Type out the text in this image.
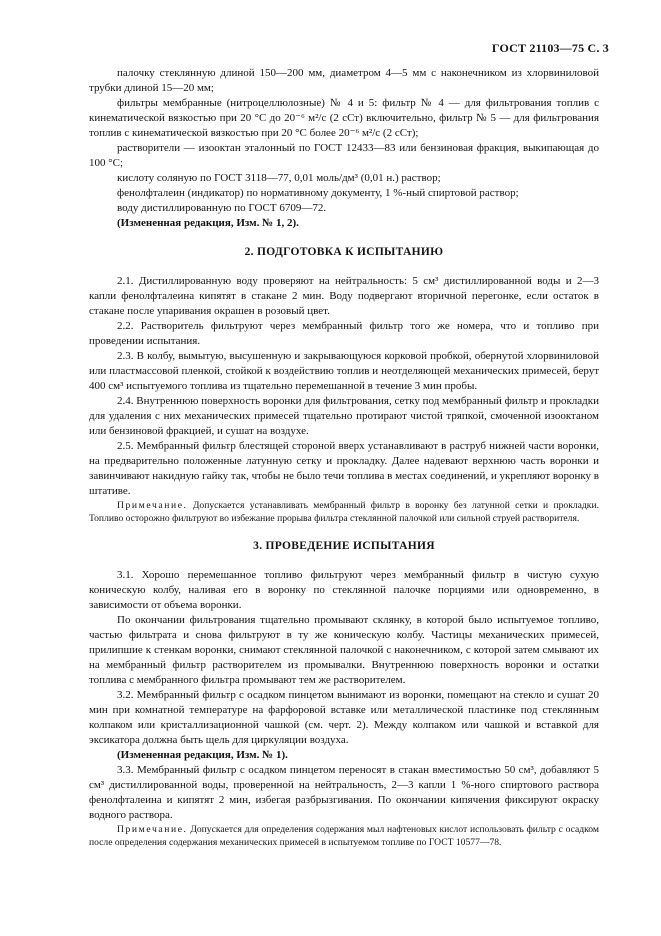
ГОСТ 21103—75 С. 3

палочку стеклянную длиной 150—200 мм, диаметром 4—5 мм с наконечником из хлорвиниловой трубки длиной 15—20 мм;

фильтры мембранные (нитроцеллюлозные) № 4 и 5: фильтр № 4 — для фильтрования топлив с кинематической вязкостью при 20 °С до 20⁻⁶ м²/с (2 сСт) включительно, фильтр № 5 — для фильтрования топлив с кинематической вязкостью при 20 °С более 20⁻⁶ м²/с (2 сСт);

растворители — изооктан эталонный по ГОСТ 12433—83 или бензиновая фракция, выкипающая до 100 °С;

кислоту соляную по ГОСТ 3118—77, 0,01 моль/дм³ (0,01 н.) раствор;

фенолфталеин (индикатор) по нормативному документу, 1 %-ный спиртовой раствор;

воду дистиллированную по ГОСТ 6709—72.

(Измененная редакция, Изм. № 1, 2).

2. ПОДГОТОВКА К ИСПЫТАНИЮ

2.1. Дистиллированную воду проверяют на нейтральность: 5 см³ дистиллированной воды и 2—3 капли фенолфталеина кипятят в стакане 2 мин. Воду подвергают вторичной перегонке, если остаток в стакане после упаривания окрашен в розовый цвет.

2.2. Растворитель фильтруют через мембранный фильтр того же номера, что и топливо при проведении испытания.

2.3. В колбу, вымытую, высушенную и закрывающуюся корковой пробкой, обернутой хлорвиниловой или пластмассовой пленкой, стойкой к воздействию топлив и неотделяющей механических примесей, берут 400 см³ испытуемого топлива из тщательно перемешанной в течение 3 мин пробы.

2.4. Внутреннюю поверхность воронки для фильтрования, сетку под мембранный фильтр и прокладки для удаления с них механических примесей тщательно протирают чистой тряпкой, смоченной изооктаном или бензиновой фракцией, и сушат на воздухе.

2.5. Мембранный фильтр блестящей стороной вверх устанавливают в раструб нижней части воронки, на предварительно положенные латунную сетку и прокладку. Далее надевают верхнюю часть воронки и завинчивают накидную гайку так, чтобы не было течи топлива в местах соединений, и укрепляют воронку в штативе.

Примечание. Допускается устанавливать мембранный фильтр в воронку без латунной сетки и прокладки. Топливо осторожно фильтруют во избежание прорыва фильтра стеклянной палочкой или сильной струей растворителя.

3. ПРОВЕДЕНИЕ ИСПЫТАНИЯ

3.1. Хорошо перемешанное топливо фильтруют через мембранный фильтр в чистую сухую коническую колбу, наливая его в воронку по стеклянной палочке порциями или одновременно, в зависимости от объема воронки.

По окончании фильтрования тщательно промывают склянку, в которой было испытуемое топливо, частью фильтрата и снова фильтруют в ту же коническую колбу. Частицы механических примесей, прилипшие к стенкам воронки, снимают стеклянной палочкой с наконечником, с которой затем смывают их на мембранный фильтр растворителем из промывалки. Внутреннюю поверхность воронки и остатки топлива с мембранного фильтра промывают тем же растворителем.

3.2. Мембранный фильтр с осадком пинцетом вынимают из воронки, помещают на стекло и сушат 20 мин при комнатной температуре на фарфоровой вставке или металлической пластинке под стеклянным колпаком или кристаллизационной чашкой (см. черт. 2). Между колпаком или чашкой и вставкой для эксикатора должна быть щель для циркуляции воздуха.

(Измененная редакция, Изм. № 1).

3.3. Мембранный фильтр с осадком пинцетом переносят в стакан вместимостью 50 см³, добавляют 5 см³ дистиллированной воды, проверенной на нейтральность, 2—3 капли 1 %-ного спиртового раствора фенолфталеина и кипятят 2 мин, избегая разбрызгивания. По окончании кипячения фиксируют окраску водного раствора.

Примечание. Допускается для определения содержания мыл нафтеновых кислот использовать фильтр с осадком после определения содержания механических примесей в испытуемом топливе по ГОСТ 10577—78.
